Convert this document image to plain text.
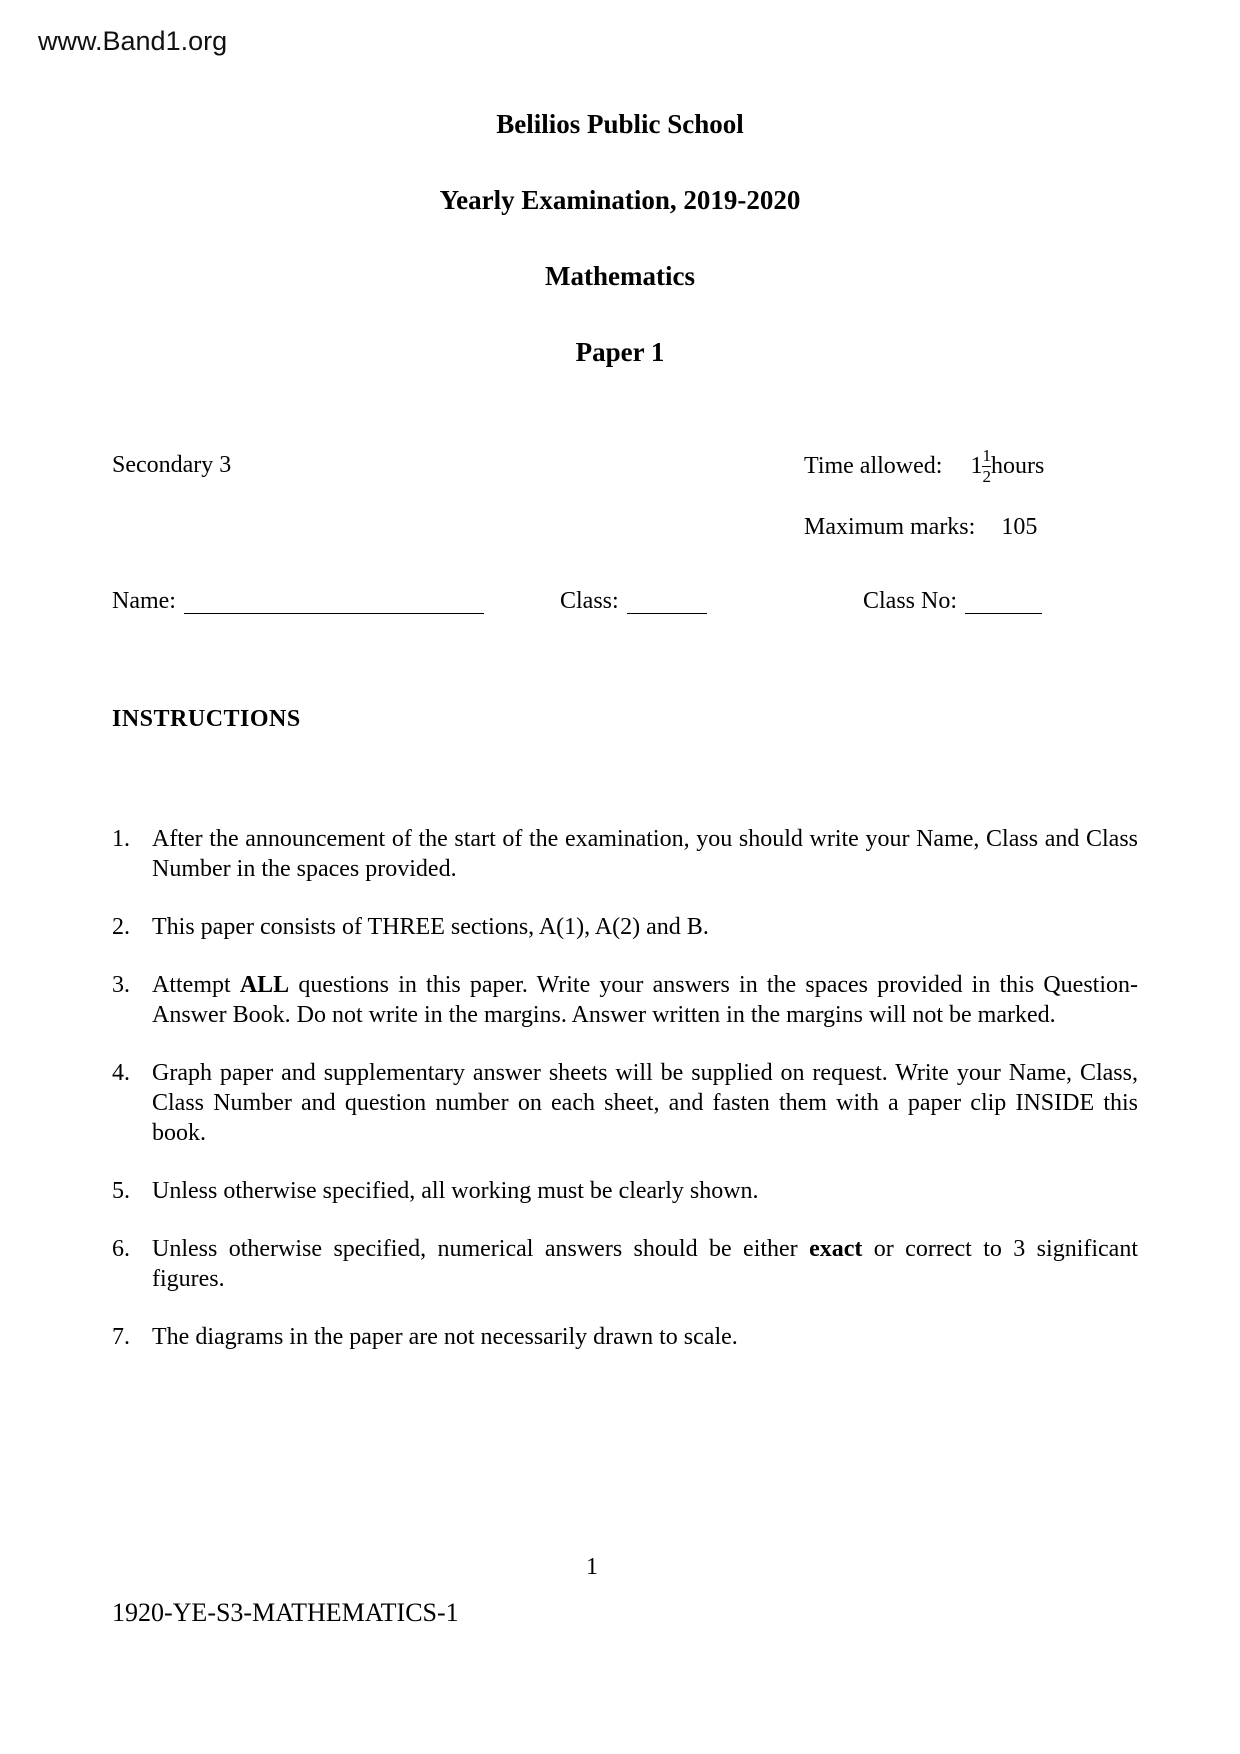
www.Band1.org
Belilios Public School
Yearly Examination, 2019-2020
Mathematics
Paper 1
Secondary 3	Time allowed: $1 \frac{1}{2}$ hours
Maximum marks: 105
Name:	Class:	Class No:
INSTRUCTIONS
1. After the announcement of the start of the examination, you should write your Name, Class and Class Number in the spaces provided.
2. This paper consists of THREE sections, A(1), A(2) and B.
3. Attempt ALL questions in this paper. Write your answers in the spaces provided in this Question-Answer Book. Do not write in the margins. Answer written in the margins will not be marked.
4. Graph paper and supplementary answer sheets will be supplied on request. Write your Name, Class, Class Number and question number on each sheet, and fasten them with a paper clip INSIDE this book.
5. Unless otherwise specified, all working must be clearly shown.
6. Unless otherwise specified, numerical answers should be either exact or correct to 3 significant figures.
7. The diagrams in the paper are not necessarily drawn to scale.
1
1920-YE-S3-MATHEMATICS-1
